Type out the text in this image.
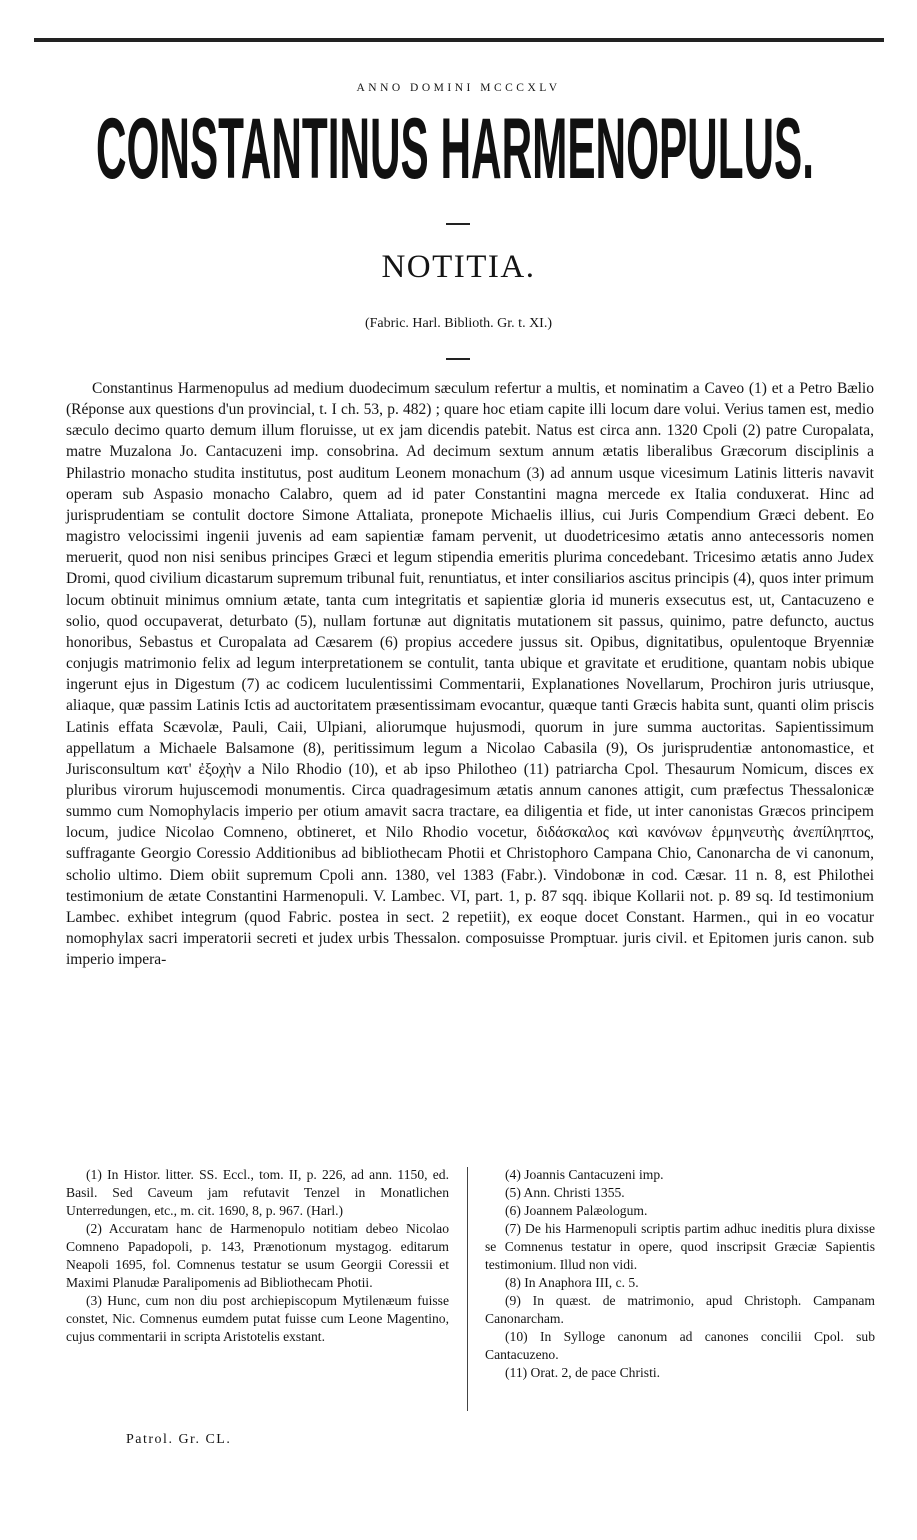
ANNO DOMINI MCCCXLV
CONSTANTINUS HARMENOPULUS.
NOTITIA.
(Fabric. Harl. Biblioth. Gr. t. XI.)

Constantinus Harmenopulus ad medium duodecimum sæculum refertur a multis, et nominatim a Caveo (1) et a Petro Bælio (Réponse aux questions d'un provincial, t. I ch. 53, p. 482) ; quare hoc etiam capite illi locum dare volui. Verius tamen est, medio sæculo decimo quarto demum illum floruisse, ut ex jam dicendis patebit. Natus est circa ann. 1320 Cpoli (2) patre Curopalata, matre Muzalona Jo. Cantacuzeni imp. consobrina. Ad decimum sextum annum ætatis liberalibus Græcorum disciplinis a Philastrio monacho studita institutus, post auditum Leonem monachum (3) ad annum usque vicesimum Latinis litteris navavit operam sub Aspasio monacho Calabro, quem ad id pater Constantini magna mercede ex Italia conduxerat. Hinc ad jurisprudentiam se contulit doctore Simone Attaliata, pronepote Michaelis illius, cui Juris Compendium Græci debent. Eo magistro velocissimi ingenii juvenis ad eam sapientiæ famam pervenit, ut duodetricesimo ætatis anno antecessoris nomen meruerit, quod non nisi senibus principes Græci et legum stipendia emeritis plurima concedebant. Tricesimo ætatis anno Judex Dromi, quod civilium dicastarum supremum tribunal fuit, renuntiatus, et inter consiliarios ascitus principis (4), quos inter primum locum obtinuit minimus omnium ætate, tanta cum integritatis et sapientiæ gloria id muneris exsecutus est, ut, Cantacuzeno e solio, quod occupaverat, deturbato (5), nullam fortunæ aut dignitatis mutationem sit passus, quinimo, patre defuncto, auctus honoribus, Sebastus et Curopalata ad Cæsarem (6) propius accedere jussus sit. Opibus, dignitatibus, opulentoque Bryenniæ conjugis matrimonio felix ad legum interpretationem se contulit, tanta ubique et gravitate et eruditione, quantam nobis ubique ingerunt ejus in Digestum (7) ac codicem luculentissimi Commentarii, Explanationes Novellarum, Prochiron juris utriusque, aliaque, quæ passim Latinis Ictis ad auctoritatem præsentissimam evocantur, quæque tanti Græcis habita sunt, quanti olim priscis Latinis effata Scævolæ, Pauli, Caii, Ulpiani, aliorumque hujusmodi, quorum in jure summa auctoritas. Sapientissimum appellatum a Michaele Balsamone (8), peritissimum legum a Nicolao Cabasila (9), Os jurisprudentiæ antonomastice, et Jurisconsultum κατ' ἐξοχὴν a Nilo Rhodio (10), et ab ipso Philotheo (11) patriarcha Cpol. Thesaurum Nomicum, disces ex pluribus virorum hujuscemodi monumentis. Circa quadragesimum ætatis annum canones attigit, cum præfectus Thessalonicæ summo cum Nomophylacis imperio per otium amavit sacra tractare, ea diligentia et fide, ut inter canonistas Græcos principem locum, judice Nicolao Comneno, obtineret, et Nilo Rhodio vocetur, διδάσκαλος καὶ κανόνων ἑρμηνευτὴς ἀνεπίληπτος, suffragante Georgio Coressio Additionibus ad bibliothecam Photii et Christophoro Campana Chio, Canonarcha de vi canonum, scholio ultimo. Diem obiit supremum Cpoli ann. 1380, vel 1383 (Fabr.). Vindobonæ in cod. Cæsar. 11 n. 8, est Philothei testimonium de ætate Constantini Harmenopuli. V. Lambec. VI, part. 1, p. 87 sqq. ibique Kollarii not. p. 89 sq. Id testimonium Lambec. exhibet integrum (quod Fabric. postea in sect. 2 repetiit), ex eoque docet Constant. Harmen., qui in eo vocatur nomophylax sacri imperatorii secreti et judex urbis Thessalon. composuisse Promptuar. juris civil. et Epitomen juris canon. sub imperio impera-

(1) In Histor. litter. SS. Eccl., tom. II, p. 226, ad ann. 1150, ed. Basil. Sed Caveum jam refutavit Tenzel in Monatlichen Unterredungen, etc., m. cit. 1690, 8, p. 967. (Harl.)

(2) Accuratam hanc de Harmenopulo notitiam debeo Nicolao Comneno Papadopoli, p. 143, Prænotionum mystagog. editarum Neapoli 1695, fol. Comnenus testatur se usum Georgii Coressii et Maximi Planudæ Paralipomenis ad Bibliothecam Photii.

(3) Hunc, cum non diu post archiepiscopum Mytilenæum fuisse constet, Nic. Comnenus eumdem putat fuisse cum Leone Magentino, cujus commentarii in scripta Aristotelis exstant.

(4) Joannis Cantacuzeni imp.

(5) Ann. Christi 1355.

(6) Joannem Palæologum.

(7) De his Harmenopuli scriptis partim adhuc ineditis plura dixisse se Comnenus testatur in opere, quod inscripsit Græciæ Sapientis testimonium. Illud non vidi.

(8) In Anaphora III, c. 5.

(9) In quæst. de matrimonio, apud Christoph. Campanam Canonarcham.

(10) In Sylloge canonum ad canones concilii Cpol. sub Cantacuzeno.

(11) Orat. 2, de pace Christi.

Patrol. Gr. CL.
